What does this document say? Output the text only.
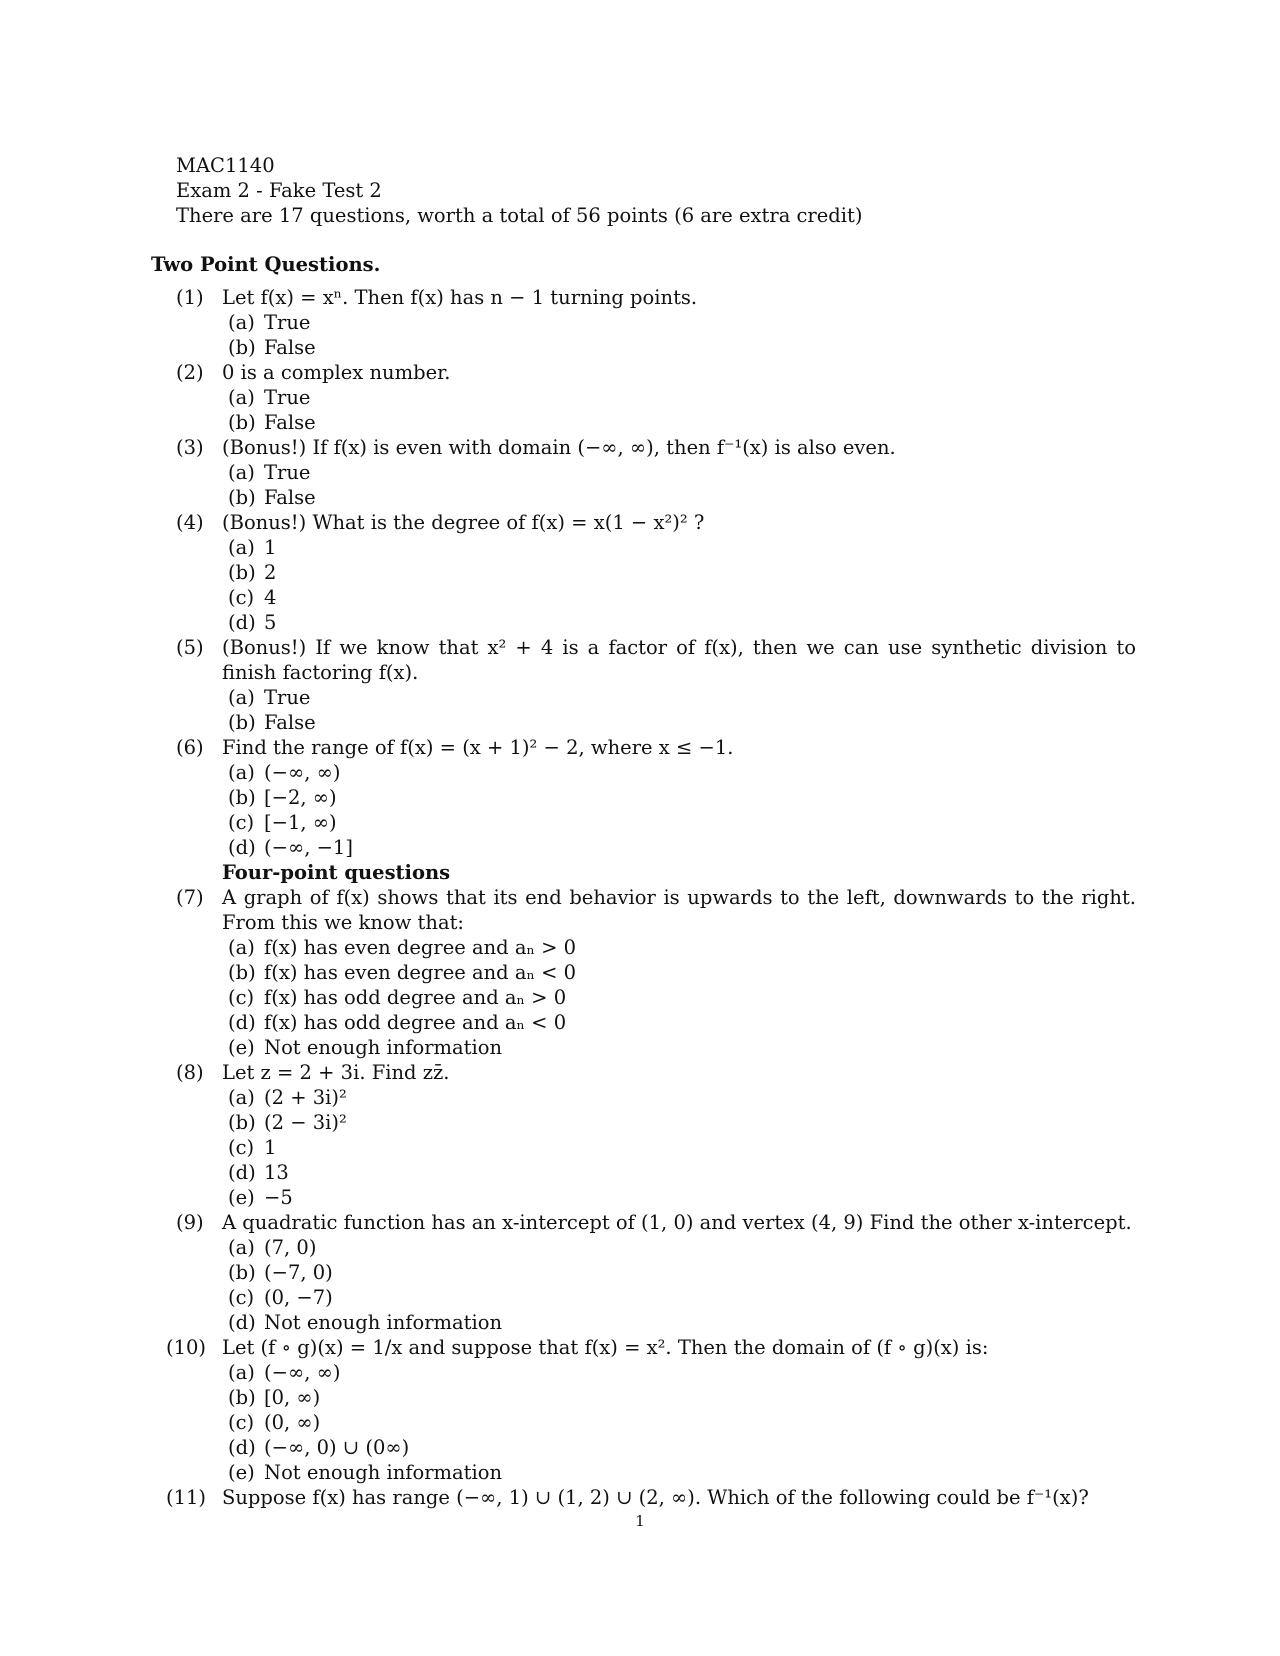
MAC1140
Exam 2 - Fake Test 2
There are 17 questions, worth a total of 56 points (6 are extra credit)
Two Point Questions.
(1) Let f(x) = xⁿ. Then f(x) has n − 1 turning points.
(a) True
(b) False
(2) 0 is a complex number.
(a) True
(b) False
(3) (Bonus!) If f(x) is even with domain (−∞, ∞), then f⁻¹(x) is also even.
(a) True
(b) False
(4) (Bonus!) What is the degree of f(x) = x(1 − x²)² ?
(a) 1
(b) 2
(c) 4
(d) 5
(5) (Bonus!) If we know that x² + 4 is a factor of f(x), then we can use synthetic division to finish factoring f(x).
(a) True
(b) False
(6) Find the range of f(x) = (x + 1)² − 2, where x ≤ −1.
(a) (−∞, ∞)
(b) [−2, ∞)
(c) [−1, ∞)
(d) (−∞, −1]
Four-point questions
(7) A graph of f(x) shows that its end behavior is upwards to the left, downwards to the right. From this we know that:
(a) f(x) has even degree and aₙ > 0
(b) f(x) has even degree and aₙ < 0
(c) f(x) has odd degree and aₙ > 0
(d) f(x) has odd degree and aₙ < 0
(e) Not enough information
(8) Let z = 2 + 3i. Find zz̄.
(a) (2 + 3i)²
(b) (2 − 3i)²
(c) 1
(d) 13
(e) −5
(9) A quadratic function has an x-intercept of (1, 0) and vertex (4, 9) Find the other x-intercept.
(a) (7, 0)
(b) (−7, 0)
(c) (0, −7)
(d) Not enough information
(10) Let (f ∘ g)(x) = 1/x and suppose that f(x) = x². Then the domain of (f ∘ g)(x) is:
(a) (−∞, ∞)
(b) [0, ∞)
(c) (0, ∞)
(d) (−∞, 0) ∪ (0∞)
(e) Not enough information
(11) Suppose f(x) has range (−∞, 1) ∪ (1, 2) ∪ (2, ∞). Which of the following could be f⁻¹(x)?
1
